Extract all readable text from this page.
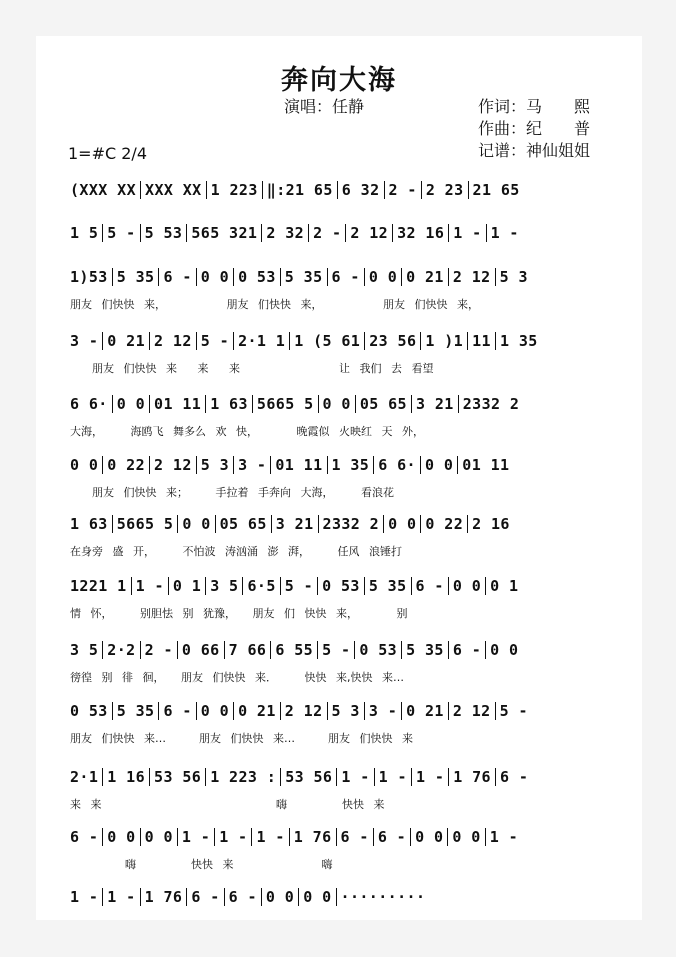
奔向大海
演唱：任静	作词：马　　熙
作曲：纪　　普
记谱：神仙姐姐
1=#C 2/4
(XXX XX XXX XX 1 223 ‖:21 65 6 32 2 - 2 23 21 65
1 5 5 - 5 53 565 321 2 32 2 - 2 12 32 16 1 - 1 -
1)53 5 35 6 - 0 0 0 53 5 35 6 - 0 0 0 21 2 12 5 3
朋友 们快快 来，　　　　　　朋友 们快快 来，　　　　　　朋友 们快快 来，
3 - 0 21 2 12 5 - 2·1 1 1 (5 61 23 56 1 )1 11 1 35
　　朋友 们快快 来　 来　 来　　　　　　　　　让 我们 去 看望
6 6· 0 0 01 11 1 63 5665 5 0 0 05 65 3 21 2332 2
大海，　　　海鸥飞 舞多么 欢 快，　　　　晚霞似 火映红 天 外，
0 0 0 22 2 12 5 3 3 - 01 11 1 35 6 6· 0 0 01 11
　　朋友 们快快 来；　　　手拉着 手奔向 大海，　　　看浪花
1 63 5665 5 0 0 05 65 3 21 2332 2 0 0 0 22 2 16
在身旁 盛 开，　　　不怕波 涛汹涌 澎 湃，　　　任风 浪锤打
1221 1 1 - 0 1 3 5 6·5 5 - 0 53 5 35 6 - 0 0 0 1
情 怀，　　　别胆怯 别 犹豫，　　朋友 们 快快 来，　　　　别
3 5 2·2 2 - 0 66 7 66 6 55 5 - 0 53 5 35 6 - 0 0
徬徨 别 徘 徊，　　朋友 们快快 来．　　　快快 来,快快 来…
0 53 5 35 6 - 0 0 0 21 2 12 5 3 3 - 0 21 2 12 5 -
朋友 们快快 来…　　　朋友 们快快 来…　　　朋友 们快快 来
2·1 1 16 53 56 1 223 : 53 56 1 - 1 - 1 - 1 76 6 -
来 来　　　　　　　　　　　　　　　 嗨　　　　　快快 来
6 - 0 0 0 0 1 - 1 - 1 - 1 76 6 - 6 - 0 0 0 0 1 -
　　　　　嗨　　　　　快快 来　　　　　　　　嗨
1 - 1 - 1 76 6 - 6 - 0 0 0 0 ·········
